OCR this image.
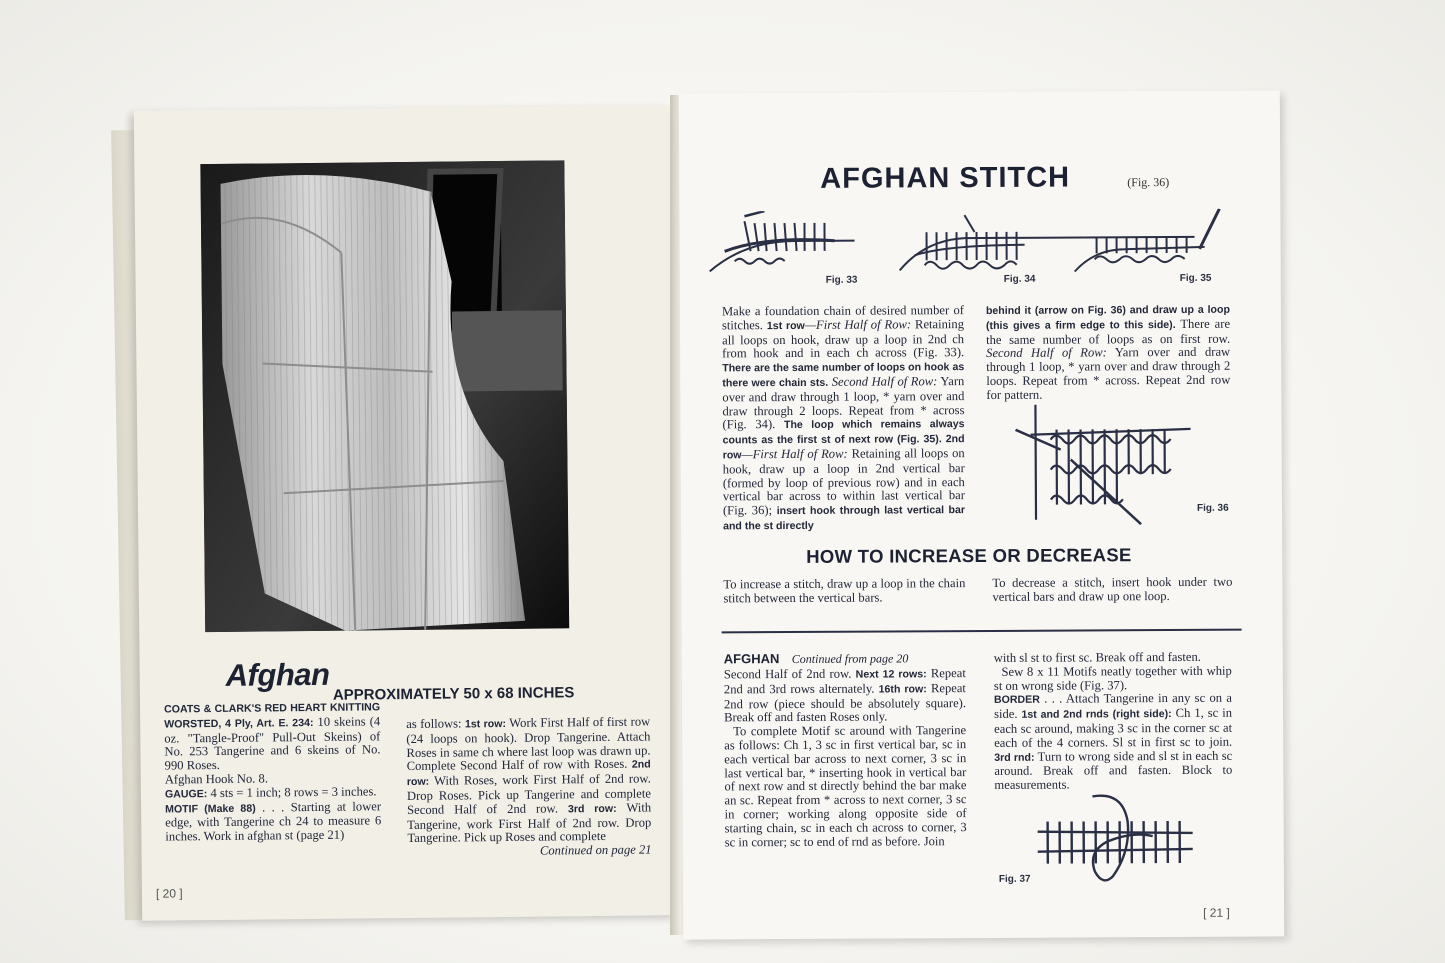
Afghan
APPROXIMATELY 50 x 68 INCHES
COATS & CLARK'S RED HEART KNITTING WORSTED, 4 Ply, Art. E. 234: 10 skeins (4 oz. "Tangle-Proof" Pull-Out Skeins) of No. 253 Tangerine and 6 skeins of No. 990 Roses.
Afghan Hook No. 8.
GAUGE: 4 sts = 1 inch; 8 rows = 3 inches.
MOTIF (Make 88) . . . Starting at lower edge, with Tangerine ch 24 to measure 6 inches. Work in afghan st (page 21)
as follows: 1st row: Work First Half of first row (24 loops on hook). Drop Tangerine. Attach Roses in same ch where last loop was drawn up. Complete Second Half of row with Roses. 2nd row: With Roses, work First Half of 2nd row. Drop Roses. Pick up Tangerine and complete Second Half of 2nd row. 3rd row: With Tangerine, work First Half of 2nd row. Drop Tangerine. Pick up Roses and complete

Continued on page 21
[ 20 ]
AFGHAN STITCH	(Fig. 36)
Fig. 33	Fig. 34	Fig. 35
Make a foundation chain of desired number of stitches. 1st row—First Half of Row: Retaining all loops on hook, draw up a loop in 2nd ch from hook and in each ch across (Fig. 33). There are the same number of loops on hook as there were chain sts. Second Half of Row: Yarn over and draw through 1 loop, * yarn over and draw through 2 loops. Repeat from * across (Fig. 34). The loop which remains always counts as the first st of next row (Fig. 35). 2nd row—First Half of Row: Retaining all loops on hook, draw up a loop in 2nd vertical bar (formed by loop of previous row) and in each vertical bar across to within last vertical bar (Fig. 36); insert hook through last vertical bar and the st directly
behind it (arrow on Fig. 36) and draw up a loop (this gives a firm edge to this side). There are the same number of loops as on first row. Second Half of Row: Yarn over and draw through 1 loop, * yarn over and draw through 2 loops. Repeat from * across. Repeat 2nd row for pattern.
Fig. 36
HOW TO INCREASE OR DECREASE
To increase a stitch, draw up a loop in the chain stitch between the vertical bars.
To decrease a stitch, insert hook under two vertical bars and draw up one loop.
AFGHAN Continued from page 20
Second Half of 2nd row. Next 12 rows: Repeat 2nd and 3rd rows alternately. 16th row: Repeat 2nd row (piece should be absolutely square). Break off and fasten Roses only.
To complete Motif sc around with Tangerine as follows: Ch 1, 3 sc in first vertical bar, sc in each vertical bar across to next corner, 3 sc in last vertical bar, * inserting hook in vertical bar of next row and st directly behind the bar make an sc. Repeat from * across to next corner, 3 sc in corner; working along opposite side of starting chain, sc in each ch across to corner, 3 sc in corner; sc to end of rnd as before. Join
with sl st to first sc. Break off and fasten.
Sew 8 x 11 Motifs neatly together with whip st on wrong side (Fig. 37).
BORDER . . . Attach Tangerine in any sc on a side. 1st and 2nd rnds (right side): Ch 1, sc in each sc around, making 3 sc in the corner sc at each of the 4 corners. Sl st in first sc to join. 3rd rnd: Turn to wrong side and sl st in each sc around. Break off and fasten. Block to measurements.
Fig. 37
[ 21 ]
